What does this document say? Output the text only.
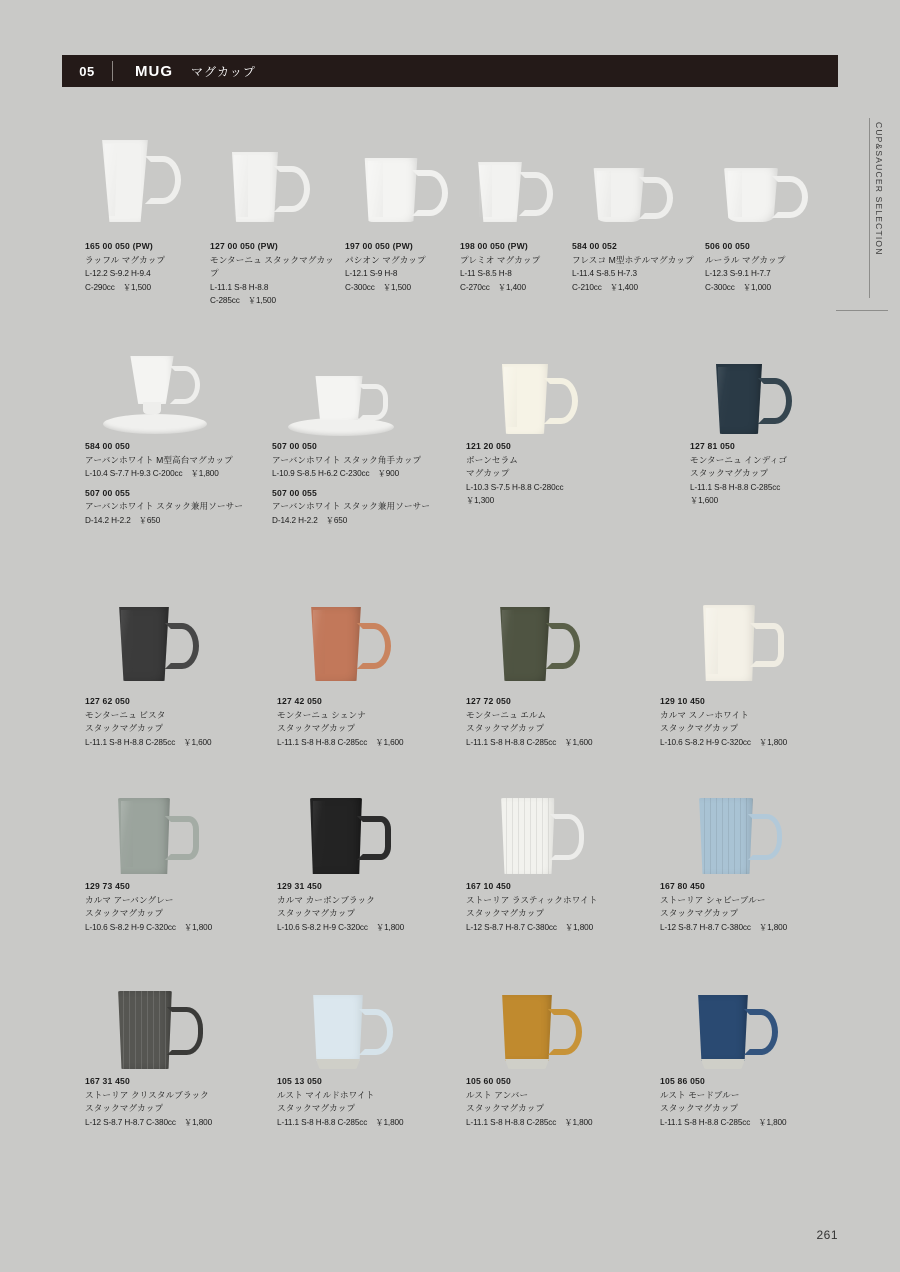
05	MUG マグカップ
CUP&SAUCER SELECTION
165 00 050 (PW)
ラッフル マグカップ
L-12.2 S-9.2 H-9.4
C-290cc　￥1,500
127 00 050 (PW)
モンターニュ スタックマグカップ
L-11.1 S-8 H-8.8
C-285cc　￥1,500
197 00 050 (PW)
パシオン マグカップ
L-12.1 S-9 H-8
C-300cc　￥1,500
198 00 050 (PW)
プレミオ マグカップ
L-11 S-8.5 H-8
C-270cc　￥1,400
584 00 052
フレスコ M型ホテルマグカップ
L-11.4 S-8.5 H-7.3
C-210cc　￥1,400
506 00 050
ルーラル マグカップ
L-12.3 S-9.1 H-7.7
C-300cc　￥1,000
584 00 050
アーバンホワイト M型高台マグカップ
L-10.4 S-7.7 H-9.3 C-200cc　￥1,800
507 00 055
アーバンホワイト スタック兼用ソーサー
D-14.2 H-2.2　￥650
507 00 050
アーバンホワイト スタック角手カップ
L-10.9 S-8.5 H-6.2 C-230cc　￥900
507 00 055
アーバンホワイト スタック兼用ソーサー
D-14.2 H-2.2　￥650
121 20 050
ボーンセラム
マグカップ
L-10.3 S-7.5 H-8.8 C-280cc
￥1,300
127 81 050
モンターニュ インディゴ
スタックマグカップ
L-11.1 S-8 H-8.8 C-285cc
￥1,600
127 62 050
モンターニュ ビスタ
スタックマグカップ
L-11.1 S-8 H-8.8 C-285cc　￥1,600
127 42 050
モンターニュ シェンナ
スタックマグカップ
L-11.1 S-8 H-8.8 C-285cc　￥1,600
127 72 050
モンターニュ エルム
スタックマグカップ
L-11.1 S-8 H-8.8 C-285cc　￥1,600
129 10 450
カルマ スノーホワイト
スタックマグカップ
L-10.6 S-8.2 H-9 C-320cc　￥1,800
129 73 450
カルマ アーバングレー
スタックマグカップ
L-10.6 S-8.2 H-9 C-320cc　￥1,800
129 31 450
カルマ カーボンブラック
スタックマグカップ
L-10.6 S-8.2 H-9 C-320cc　￥1,800
167 10 450
ストーリア ラスティックホワイト
スタックマグカップ
L-12 S-8.7 H-8.7 C-380cc　￥1,800
167 80 450
ストーリア シャビーブルー
スタックマグカップ
L-12 S-8.7 H-8.7 C-380cc　￥1,800
167 31 450
ストーリア クリスタルブラック
スタックマグカップ
L-12 S-8.7 H-8.7 C-380cc　￥1,800
105 13 050
ルスト マイルドホワイト
スタックマグカップ
L-11.1 S-8 H-8.8 C-285cc　￥1,800
105 60 050
ルスト アンバー
スタックマグカップ
L-11.1 S-8 H-8.8 C-285cc　￥1,800
105 86 050
ルスト モードブルー
スタックマグカップ
L-11.1 S-8 H-8.8 C-285cc　￥1,800
261
